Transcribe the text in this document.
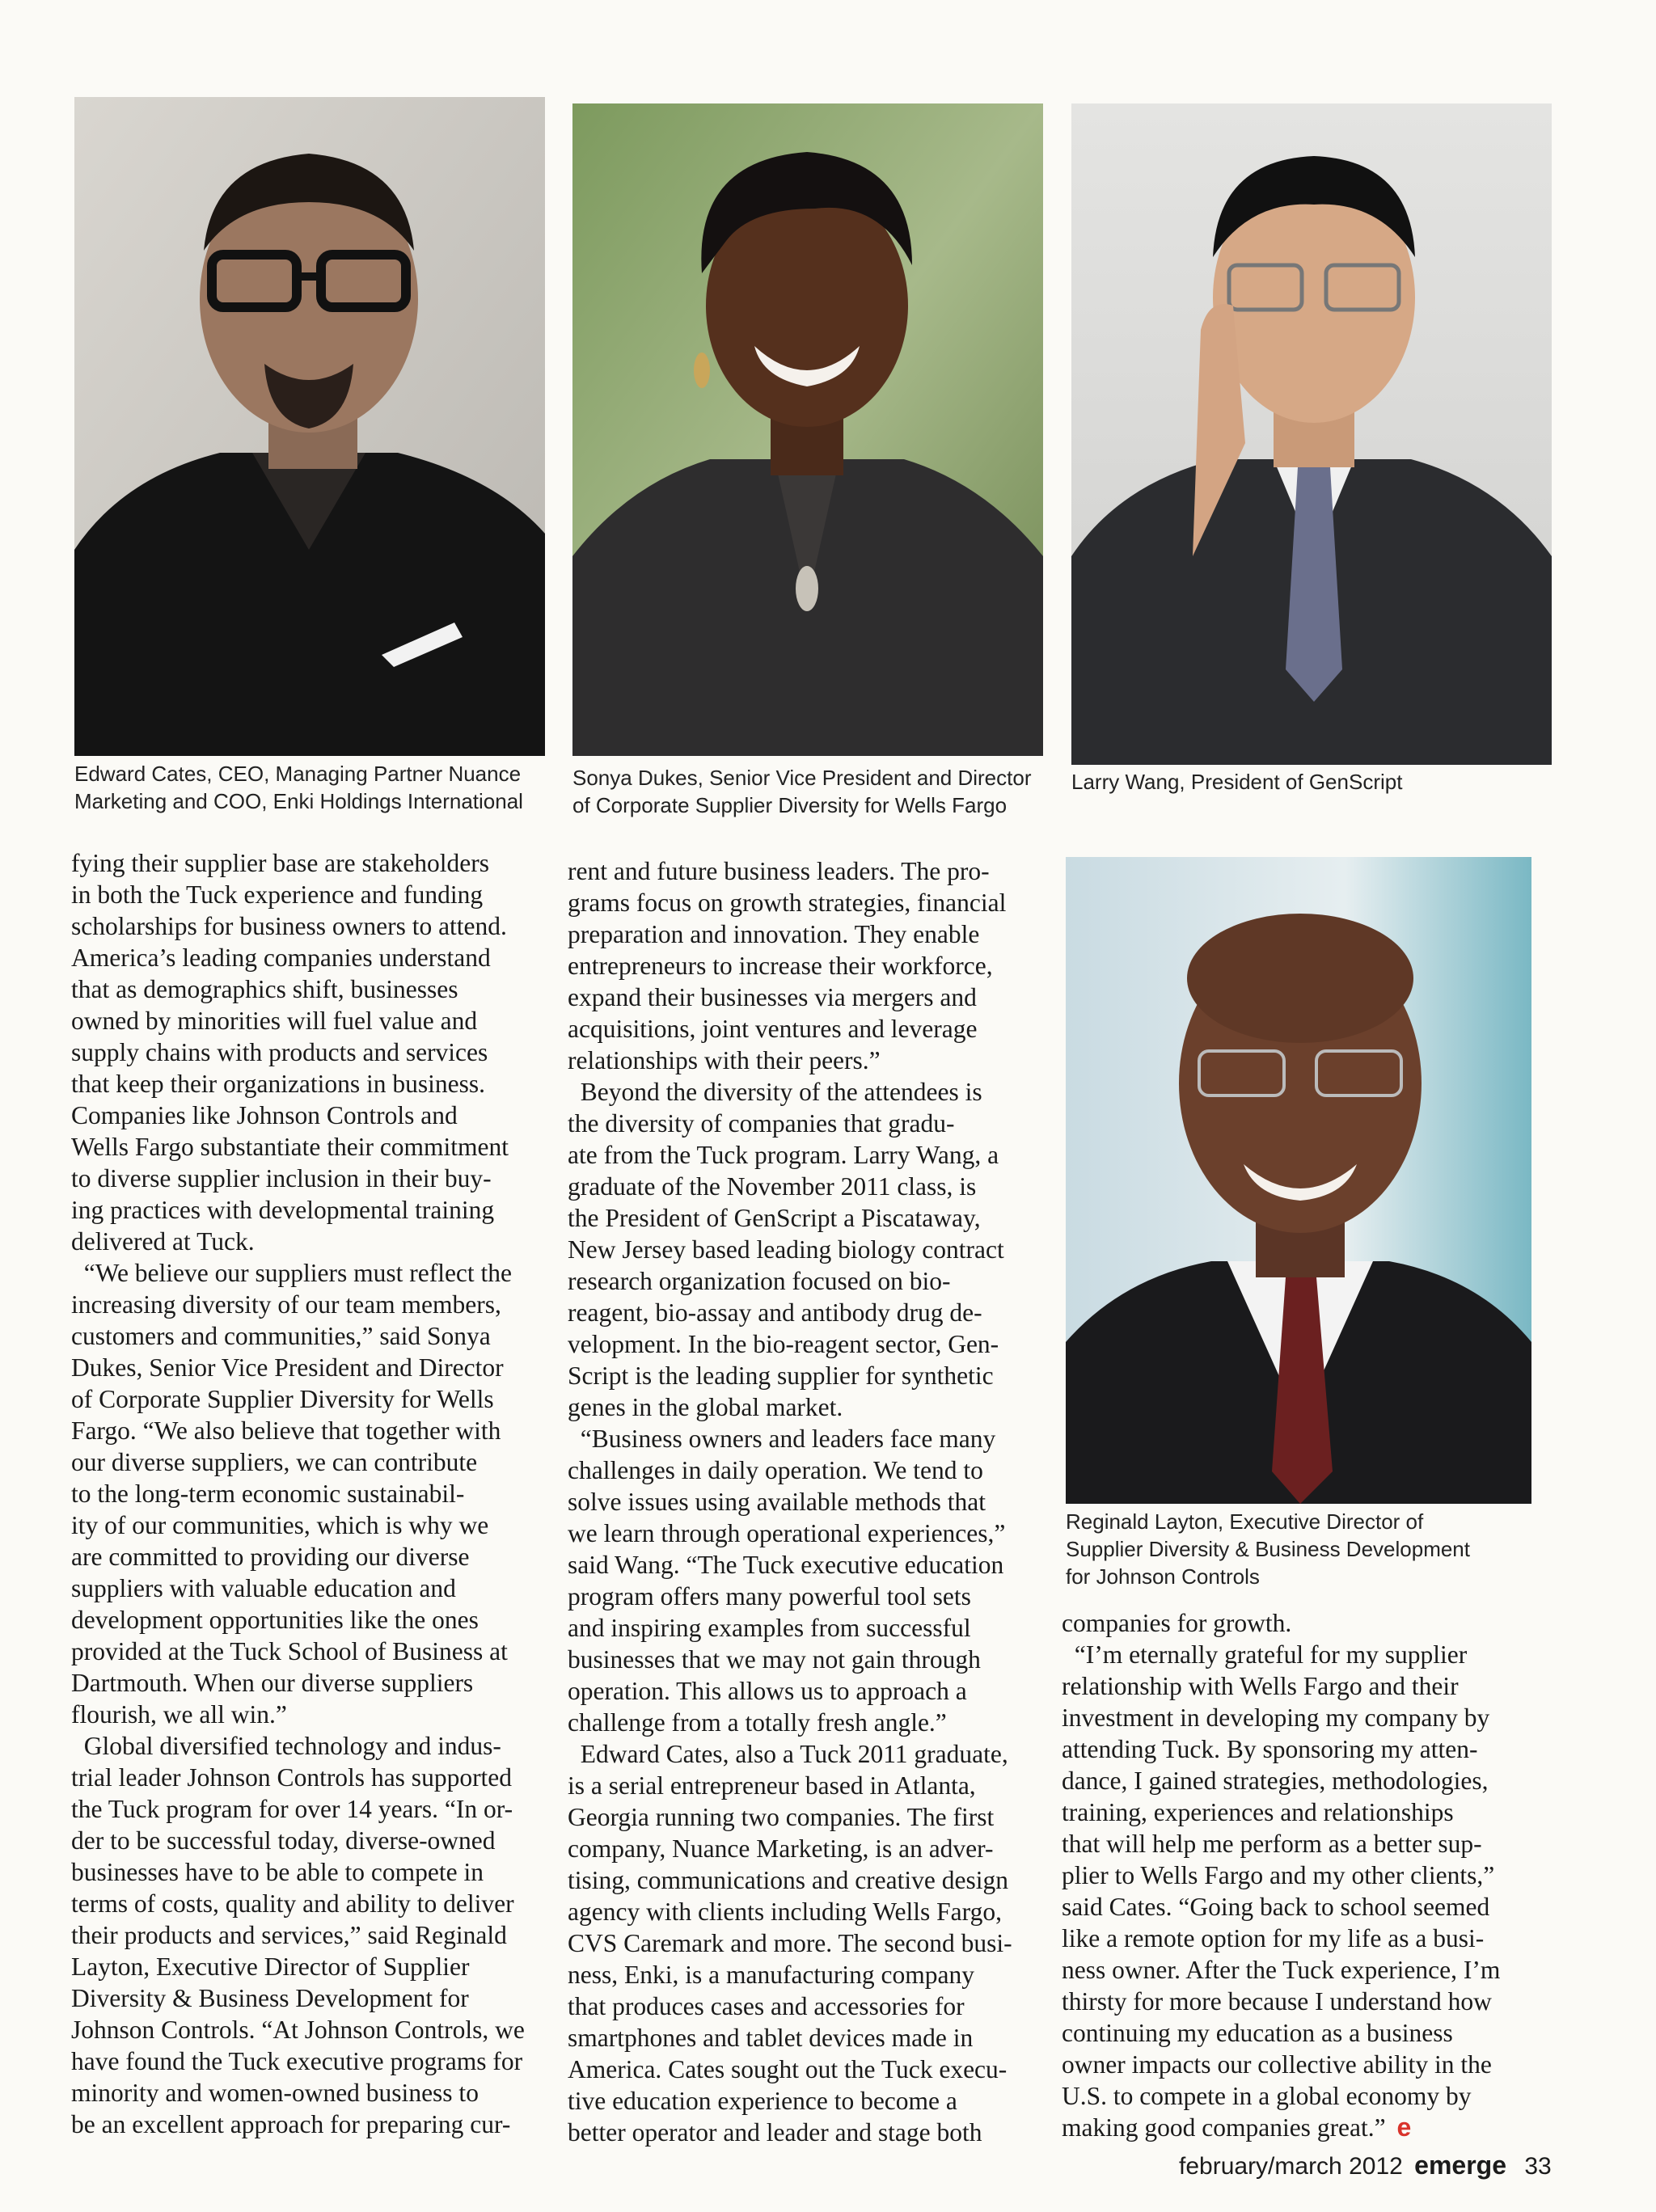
Edward Cates, CEO, Managing Partner Nuance
Marketing and COO, Enki Holdings International
Sonya Dukes, Senior Vice President and Director
of Corporate Supplier Diversity for Wells Fargo
Larry Wang, President of GenScript
Reginald Layton, Executive Director of
Supplier Diversity & Business Development
for Johnson Controls
fying their supplier base are stakeholders
in both the Tuck experience and funding
scholarships for business owners to attend.
America’s leading companies understand
that as demographics shift, businesses
owned by minorities will fuel value and
supply chains with products and services
that keep their organizations in business.
Companies like Johnson Controls and
Wells Fargo substantiate their commitment
to diverse supplier inclusion in their buy-
ing practices with developmental training
delivered at Tuck.
“We believe our suppliers must reflect the
increasing diversity of our team members,
customers and communities,” said Sonya
Dukes, Senior Vice President and Director
of Corporate Supplier Diversity for Wells
Fargo. “We also believe that together with
our diverse suppliers, we can contribute
to the long-term economic sustainabil-
ity of our communities, which is why we
are committed to providing our diverse
suppliers with valuable education and
development opportunities like the ones
provided at the Tuck School of Business at
Dartmouth. When our diverse suppliers
flourish, we all win.”
Global diversified technology and indus-
trial leader Johnson Controls has supported
the Tuck program for over 14 years. “In or-
der to be successful today, diverse-owned
businesses have to be able to compete in
terms of costs, quality and ability to deliver
their products and services,” said Reginald
Layton, Executive Director of Supplier
Diversity & Business Development for
Johnson Controls. “At Johnson Controls, we
have found the Tuck executive programs for
minority and women-owned business to
be an excellent approach for preparing cur-
rent and future business leaders. The pro-
grams focus on growth strategies, financial
preparation and innovation. They enable
entrepreneurs to increase their workforce,
expand their businesses via mergers and
acquisitions, joint ventures and leverage
relationships with their peers.”
Beyond the diversity of the attendees is
the diversity of companies that gradu-
ate from the Tuck program. Larry Wang, a
graduate of the November 2011 class, is
the President of GenScript a Piscataway,
New Jersey based leading biology contract
research organization focused on bio-
reagent, bio-assay and antibody drug de-
velopment. In the bio-reagent sector, Gen-
Script is the leading supplier for synthetic
genes in the global market.
“Business owners and leaders face many
challenges in daily operation. We tend to
solve issues using available methods that
we learn through operational experiences,”
said Wang. “The Tuck executive education
program offers many powerful tool sets
and inspiring examples from successful
businesses that we may not gain through
operation. This allows us to approach a
challenge from a totally fresh angle.”
Edward Cates, also a Tuck 2011 graduate,
is a serial entrepreneur based in Atlanta,
Georgia running two companies. The first
company, Nuance Marketing, is an adver-
tising, communications and creative design
agency with clients including Wells Fargo,
CVS Caremark and more. The second busi-
ness, Enki, is a manufacturing company
that produces cases and accessories for
smartphones and tablet devices made in
America. Cates sought out the Tuck execu-
tive education experience to become a
better operator and leader and stage both
companies for growth.
“I’m eternally grateful for my supplier
relationship with Wells Fargo and their
investment in developing my company by
attending Tuck. By sponsoring my atten-
dance, I gained strategies, methodologies,
training, experiences and relationships
that will help me perform as a better sup-
plier to Wells Fargo and my other clients,”
said Cates. “Going back to school seemed
like a remote option for my life as a busi-
ness owner. After the Tuck experience, I’m
thirsty for more because I understand how
continuing my education as a business
owner impacts our collective ability in the
U.S. to compete in a global economy by
making good companies great.” e
february/march 2012 emerge 33
